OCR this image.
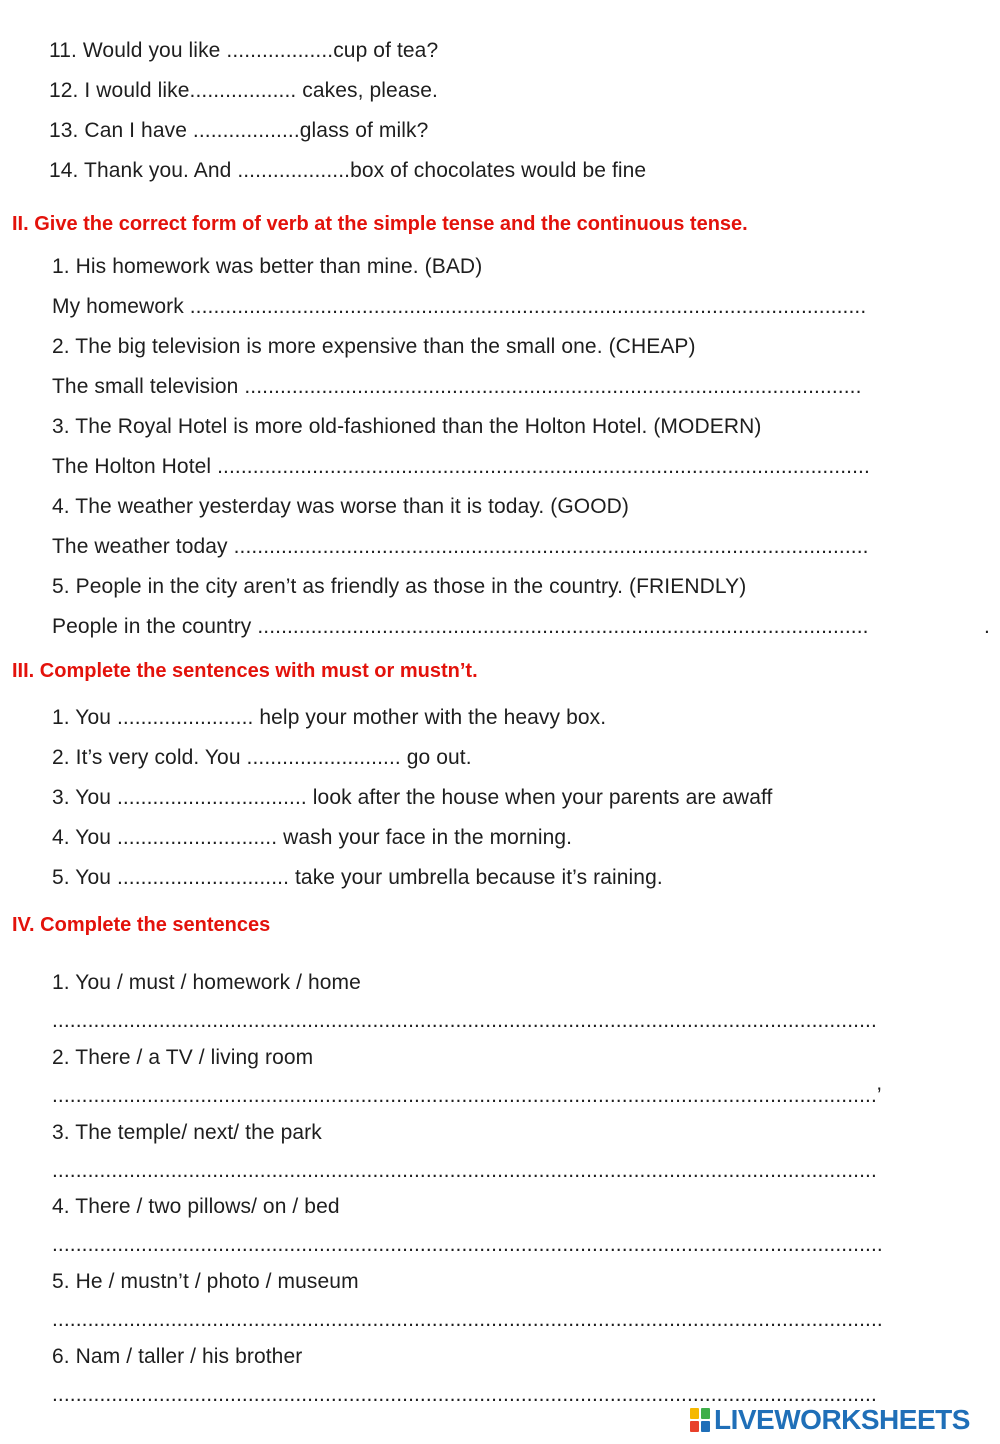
11. Would you like ..................cup of tea?
12. I would like.................. cakes, please.
13. Can I have ..................glass of milk?
14. Thank you. And ...................box of chocolates would be fine
II. Give the correct form of verb at the simple tense and the continuous tense.
1. His homework was better than mine. (BAD)
My homework ..................................................................................................................
2. The big television is more expensive than the small one. (CHEAP)
The small television ........................................................................................................
3. The Royal Hotel is more old-fashioned than the Holton Hotel. (MODERN)
The Holton Hotel ..............................................................................................................
4. The weather yesterday was worse than it is today. (GOOD)
The weather today ...........................................................................................................
5. People in the city aren’t as friendly as those in the country. (FRIENDLY)
People in the country .......................................................................................................	.
III. Complete the sentences with must or mustn’t.
1. You ....................... help your mother with the heavy box.
2. It’s very cold. You .......................... go out.
3. You ................................ look after the house when your parents are awaff
4. You ........................... wash your face in the morning.
5. You ............................. take your umbrella because it’s raining.
IV. Complete the sentences
1. You / must / homework / home
...........................................................................................................................................
2. There / a TV / living room
...........................................................................................................................................’
3. The temple/ next/ the park
...........................................................................................................................................
4. There / two pillows/ on / bed
............................................................................................................................................
5. He / mustn’t / photo / museum
............................................................................................................................................
6. Nam / taller / his brother
...........................................................................................................................................
LIVEWORKSHEETS
